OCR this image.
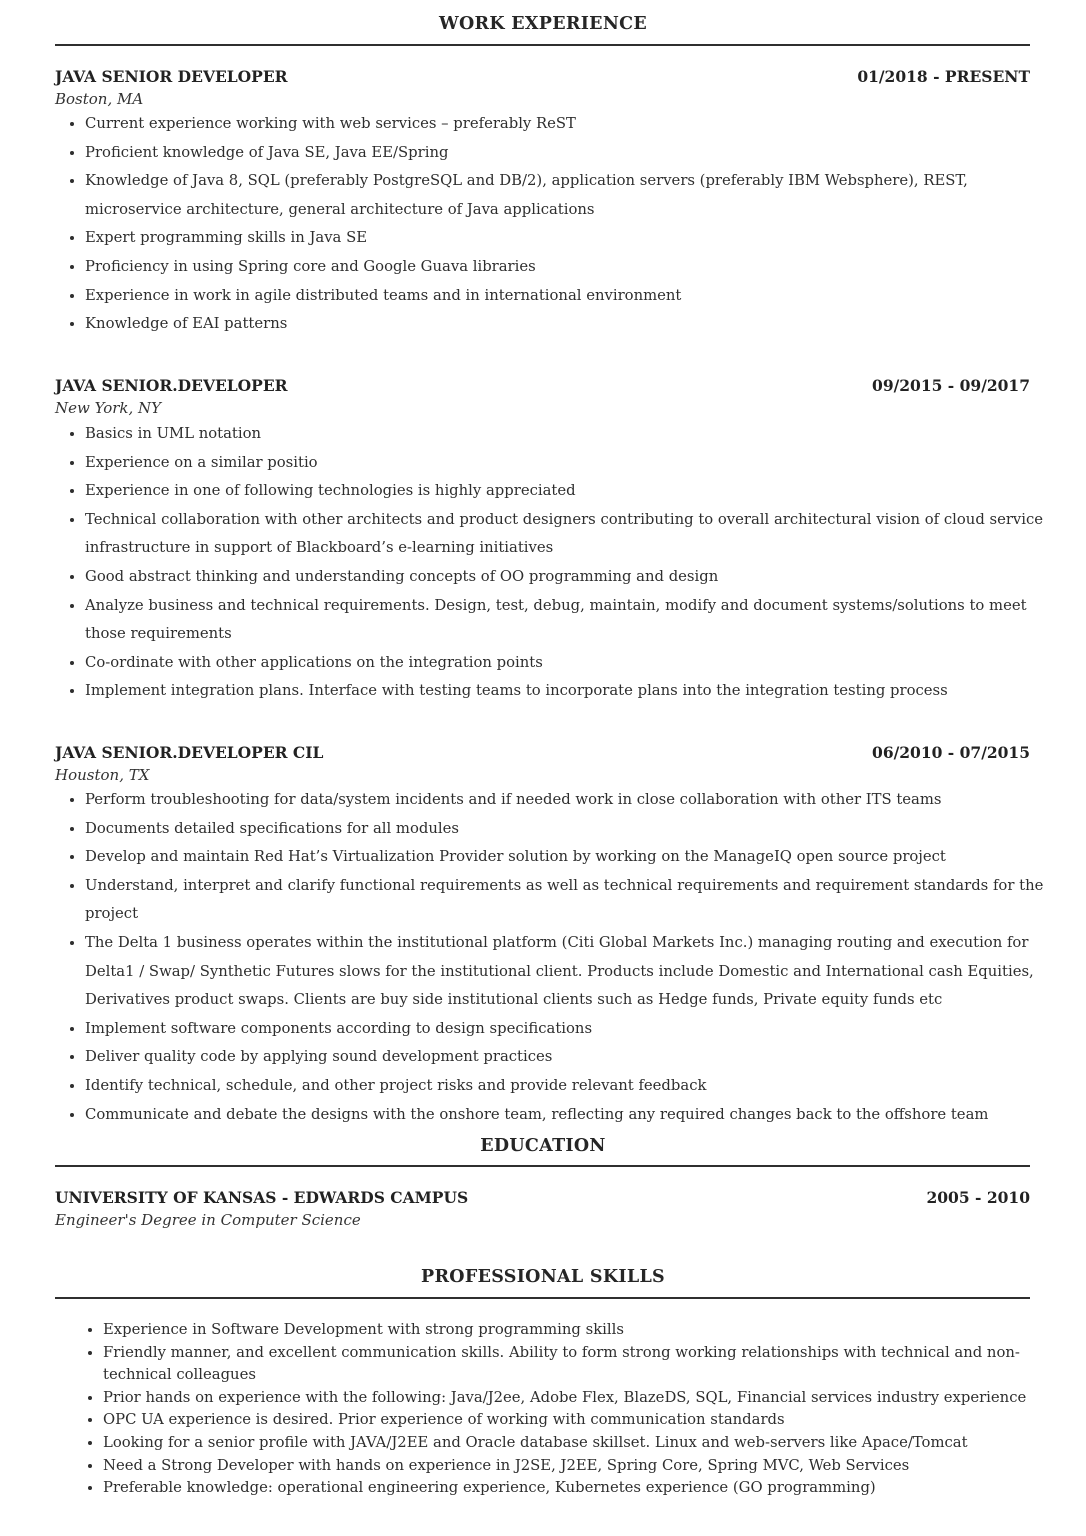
WORK EXPERIENCE
JAVA SENIOR DEVELOPER	01/2018 - PRESENT
Boston, MA
• Current experience working with web services – preferably ReST
• Proficient knowledge of Java SE, Java EE/Spring
• Knowledge of Java 8, SQL (preferably PostgreSQL and DB/2), application servers (preferably IBM Websphere), REST, microservice architecture, general architecture of Java applications
• Expert programming skills in Java SE
• Proficiency in using Spring core and Google Guava libraries
• Experience in work in agile distributed teams and in international environment
• Knowledge of EAI patterns
JAVA SENIOR.DEVELOPER	09/2015 - 09/2017
New York, NY
• Basics in UML notation
• Experience on a similar positio
• Experience in one of following technologies is highly appreciated
• Technical collaboration with other architects and product designers contributing to overall architectural vision of cloud service infrastructure in support of Blackboard’s e-learning initiatives
• Good abstract thinking and understanding concepts of OO programming and design
• Analyze business and technical requirements. Design, test, debug, maintain, modify and document systems/solutions to meet those requirements
• Co-ordinate with other applications on the integration points
• Implement integration plans. Interface with testing teams to incorporate plans into the integration testing process
JAVA SENIOR.DEVELOPER CIL	06/2010 - 07/2015
Houston, TX
• Perform troubleshooting for data/system incidents and if needed work in close collaboration with other ITS teams
• Documents detailed specifications for all modules
• Develop and maintain Red Hat’s Virtualization Provider solution by working on the ManageIQ open source project
• Understand, interpret and clarify functional requirements as well as technical requirements and requirement standards for the project
• The Delta 1 business operates within the institutional platform (Citi Global Markets Inc.) managing routing and execution for Delta1 / Swap/ Synthetic Futures slows for the institutional client. Products include Domestic and International cash Equities, Derivatives product swaps. Clients are buy side institutional clients such as Hedge funds, Private equity funds etc
• Implement software components according to design specifications
• Deliver quality code by applying sound development practices
• Identify technical, schedule, and other project risks and provide relevant feedback
• Communicate and debate the designs with the onshore team, reflecting any required changes back to the offshore team
EDUCATION
UNIVERSITY OF KANSAS - EDWARDS CAMPUS	2005 - 2010
Engineer's Degree in Computer Science
PROFESSIONAL SKILLS
• Experience in Software Development with strong programming skills
• Friendly manner, and excellent communication skills. Ability to form strong working relationships with technical and non-technical colleagues
• Prior hands on experience with the following: Java/J2ee, Adobe Flex, BlazeDS, SQL, Financial services industry experience
• OPC UA experience is desired. Prior experience of working with communication standards
• Looking for a senior profile with JAVA/J2EE and Oracle database skillset. Linux and web-servers like Apace/Tomcat
• Need a Strong Developer with hands on experience in J2SE, J2EE, Spring Core, Spring MVC, Web Services
• Preferable knowledge: operational engineering experience, Kubernetes experience (GO programming)
